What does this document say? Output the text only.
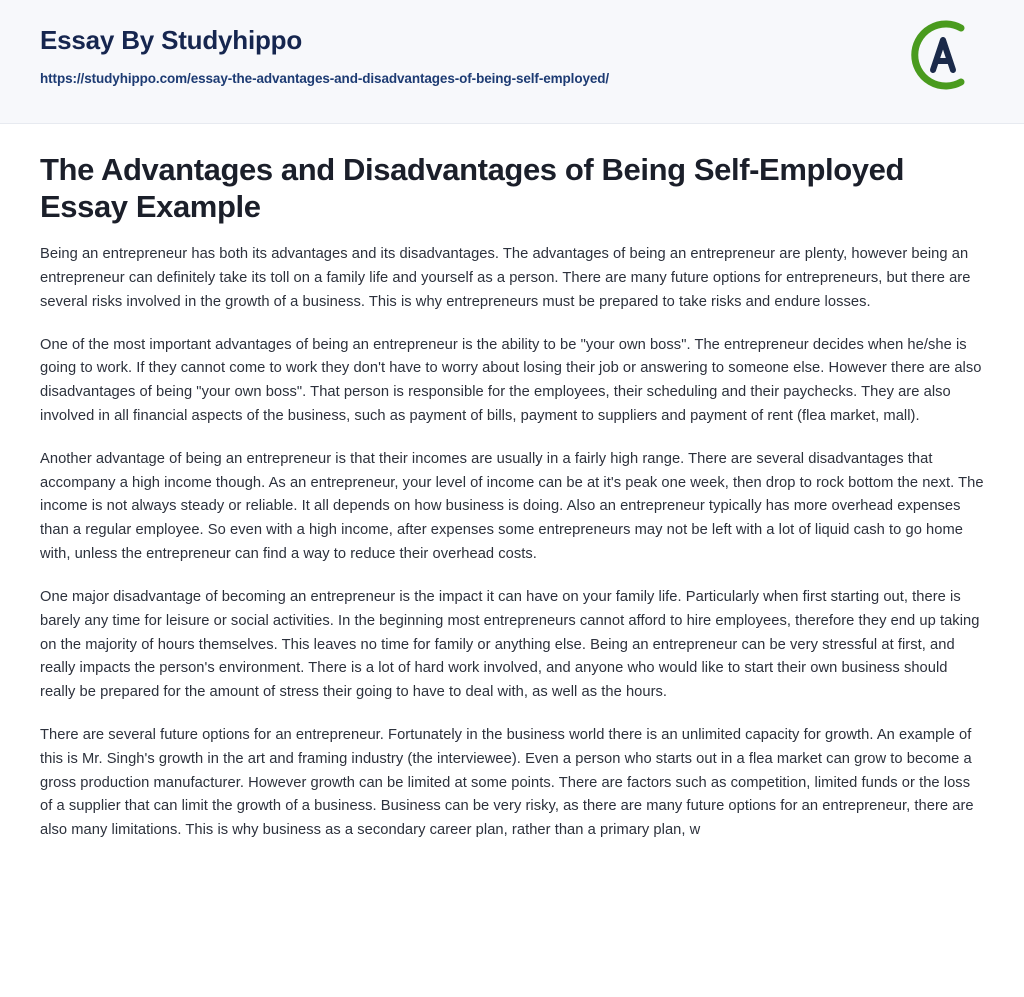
Essay By Studyhippo
https://studyhippo.com/essay-the-advantages-and-disadvantages-of-being-self-employed/
The Advantages and Disadvantages of Being Self-Employed Essay Example

Being an entrepreneur has both its advantages and its disadvantages. The advantages of being an entrepreneur are plenty, however being an entrepreneur can definitely take its toll on a family life and yourself as a person. There are many future options for entrepreneurs, but there are several risks involved in the growth of a business. This is why entrepreneurs must be prepared to take risks and endure losses.

One of the most important advantages of being an entrepreneur is the ability to be "your own boss". The entrepreneur decides when he/she is going to work. If they cannot come to work they don't have to worry about losing their job or answering to someone else. However there are also disadvantages of being "your own boss". That person is responsible for the employees, their scheduling and their paychecks. They are also involved in all financial aspects of the business, such as payment of bills, payment to suppliers and payment of rent (flea market, mall).

Another advantage of being an entrepreneur is that their incomes are usually in a fairly high range. There are several disadvantages that accompany a high income though. As an entrepreneur, your level of income can be at it's peak one week, then drop to rock bottom the next. The income is not always steady or reliable. It all depends on how business is doing. Also an entrepreneur typically has more overhead expenses than a regular employee. So even with a high income, after expenses some entrepreneurs may not be left with a lot of liquid cash to go home with, unless the entrepreneur can find a way to reduce their overhead costs.

One major disadvantage of becoming an entrepreneur is the impact it can have on your family life. Particularly when first starting out, there is barely any time for leisure or social activities. In the beginning most entrepreneurs cannot afford to hire employees, therefore they end up taking on the majority of hours themselves. This leaves no time for family or anything else. Being an entrepreneur can be very stressful at first, and really impacts the person's environment. There is a lot of hard work involved, and anyone who would like to start their own business should really be prepared for the amount of stress their going to have to deal with, as well as the hours.

There are several future options for an entrepreneur. Fortunately in the business world there is an unlimited capacity for growth. An example of this is Mr. Singh's growth in the art and framing industry (the interviewee). Even a person who starts out in a flea market can grow to become a gross production manufacturer. However growth can be limited at some points. There are factors such as competition, limited funds or the loss of a supplier that can limit the growth of a business. Business can be very risky, as there are many future options for an entrepreneur, there are also many limitations. This is why business as a secondary career plan, rather than a primary plan, w
